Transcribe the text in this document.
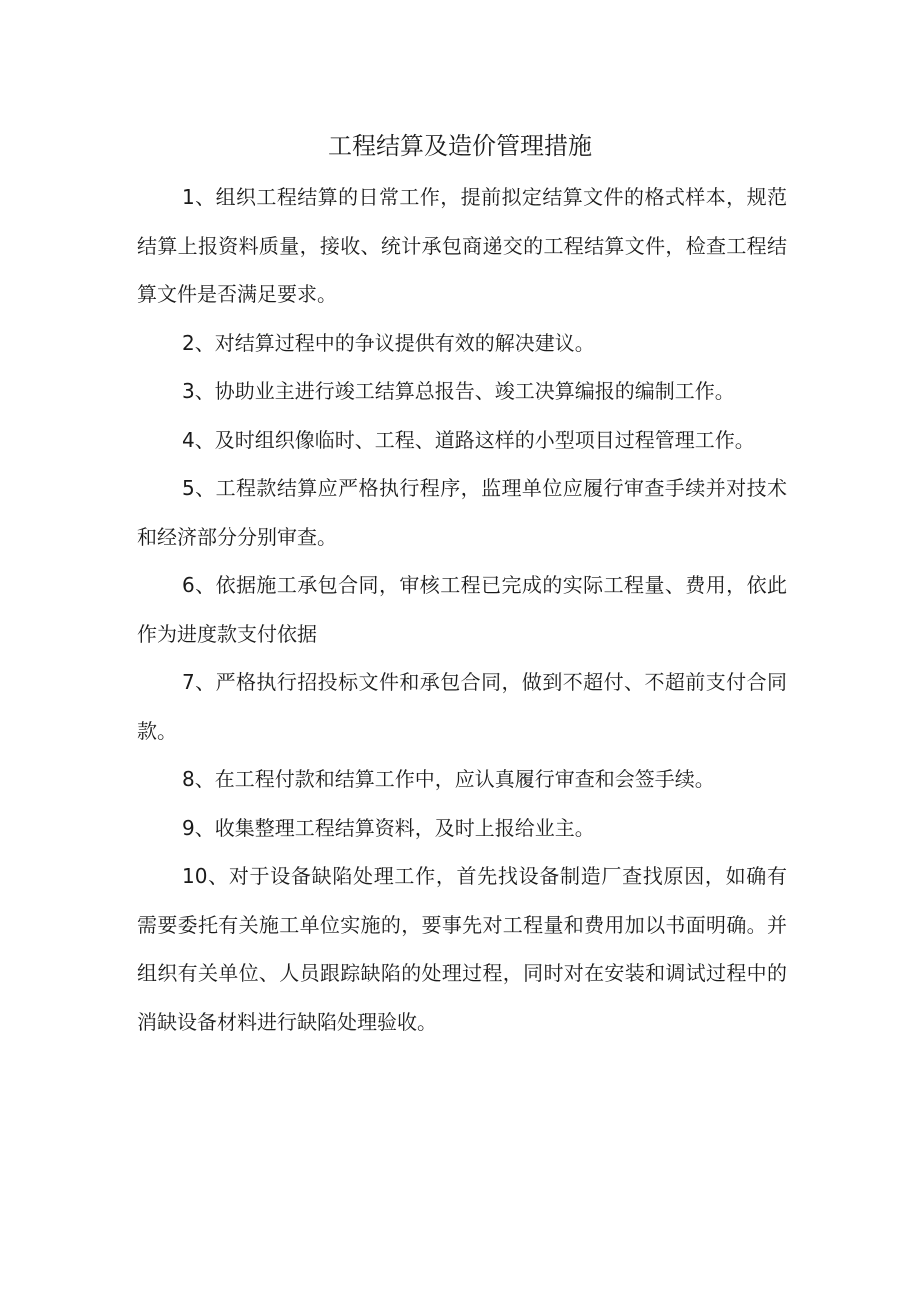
工程结算及造价管理措施

1、组织工程结算的日常工作，提前拟定结算文件的格式样本，规范结算上报资料质量，接收、统计承包商递交的工程结算文件，检查工程结算文件是否满足要求。

2、对结算过程中的争议提供有效的解决建议。

3、协助业主进行竣工结算总报告、竣工决算编报的编制工作。

4、及时组织像临时、工程、道路这样的小型项目过程管理工作。

5、工程款结算应严格执行程序，监理单位应履行审查手续并对技术和经济部分分别审查。

6、依据施工承包合同，审核工程已完成的实际工程量、费用，依此作为进度款支付依据

7、严格执行招投标文件和承包合同，做到不超付、不超前支付合同款。

8、在工程付款和结算工作中，应认真履行审查和会签手续。

9、收集整理工程结算资料，及时上报给业主。

10、对于设备缺陷处理工作，首先找设备制造厂查找原因，如确有需要委托有关施工单位实施的，要事先对工程量和费用加以书面明确。并组织有关单位、人员跟踪缺陷的处理过程，同时对在安装和调试过程中的消缺设备材料进行缺陷处理验收。
